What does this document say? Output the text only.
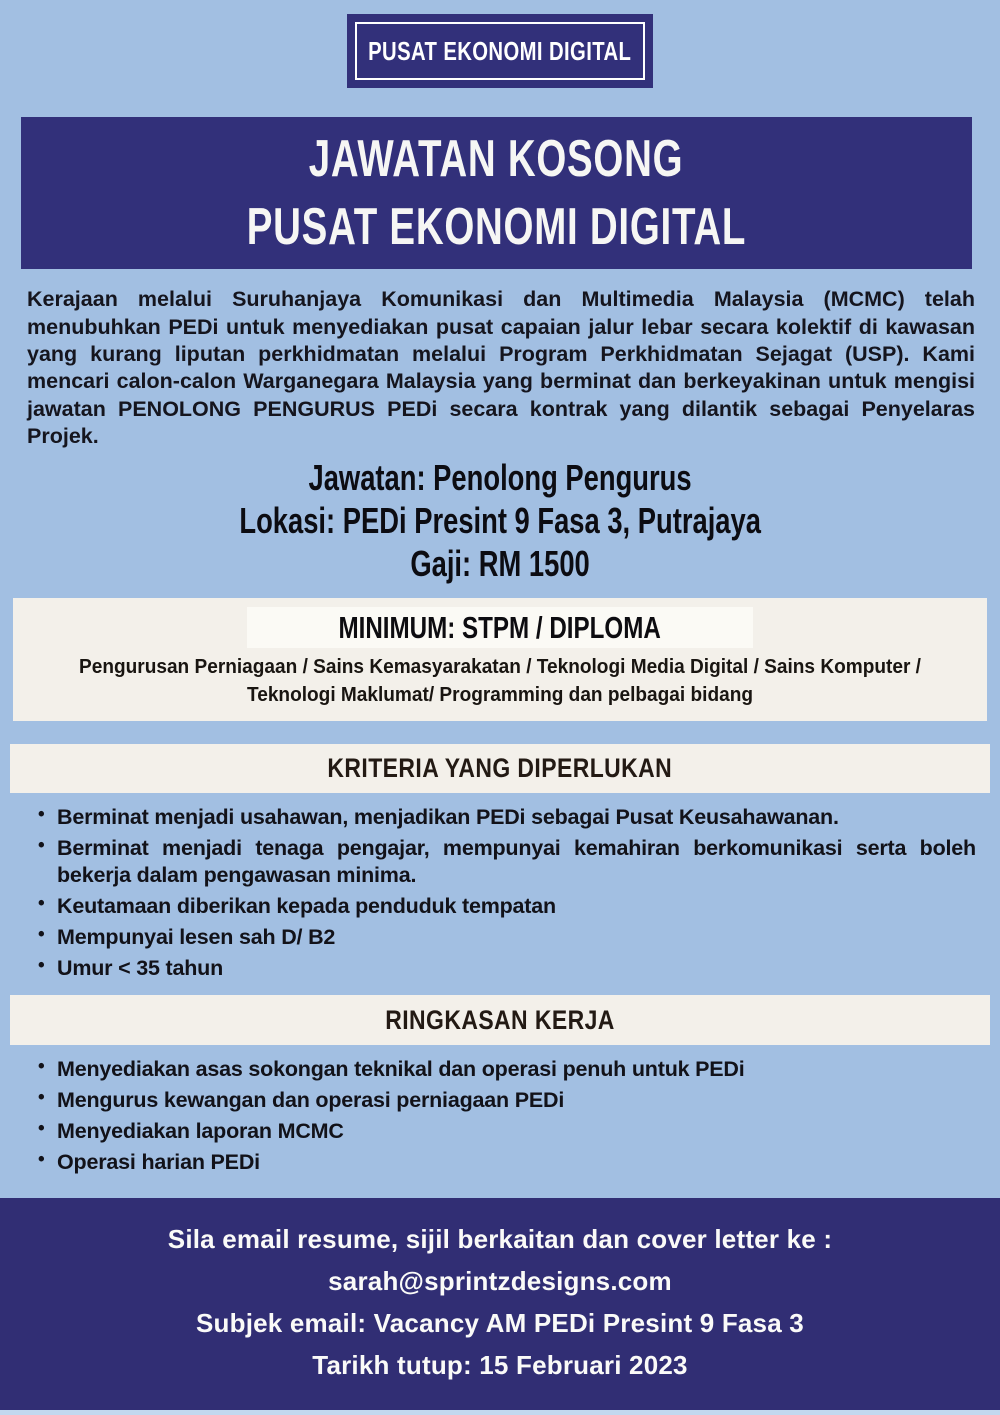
PUSAT EKONOMI DIGITAL
JAWATAN KOSONG
PUSAT EKONOMI DIGITAL

Kerajaan melalui Suruhanjaya Komunikasi dan Multimedia Malaysia (MCMC) telah menubuhkan PEDi untuk menyediakan pusat capaian jalur lebar secara kolektif di kawasan yang kurang liputan perkhidmatan melalui Program Perkhidmatan Sejagat (USP). Kami mencari calon-calon Warganegara Malaysia yang berminat dan berkeyakinan untuk mengisi jawatan PENOLONG PENGURUS PEDi secara kontrak yang dilantik sebagai Penyelaras Projek.

Jawatan: Penolong Pengurus
Lokasi: PEDi Presint 9 Fasa 3, Putrajaya
Gaji: RM 1500
MINIMUM: STPM / DIPLOMA
Pengurusan Perniagaan / Sains Kemasyarakatan / Teknologi Media Digital / Sains Komputer / Teknologi Maklumat/ Programming dan pelbagai bidang
KRITERIA YANG DIPERLUKAN
• Berminat menjadi usahawan, menjadikan PEDi sebagai Pusat Keusahawanan.
• Berminat menjadi tenaga pengajar, mempunyai kemahiran berkomunikasi serta boleh bekerja dalam pengawasan minima.
• Keutamaan diberikan kepada penduduk tempatan
• Mempunyai lesen sah D/ B2
• Umur < 35 tahun
RINGKASAN KERJA
• Menyediakan asas sokongan teknikal dan operasi penuh untuk PEDi
• Mengurus kewangan dan operasi perniagaan PEDi
• Menyediakan laporan MCMC
• Operasi harian PEDi
Sila email resume, sijil berkaitan dan cover letter ke :
sarah@sprintzdesigns.com
Subjek email: Vacancy AM PEDi Presint 9 Fasa 3
Tarikh tutup: 15 Februari 2023
